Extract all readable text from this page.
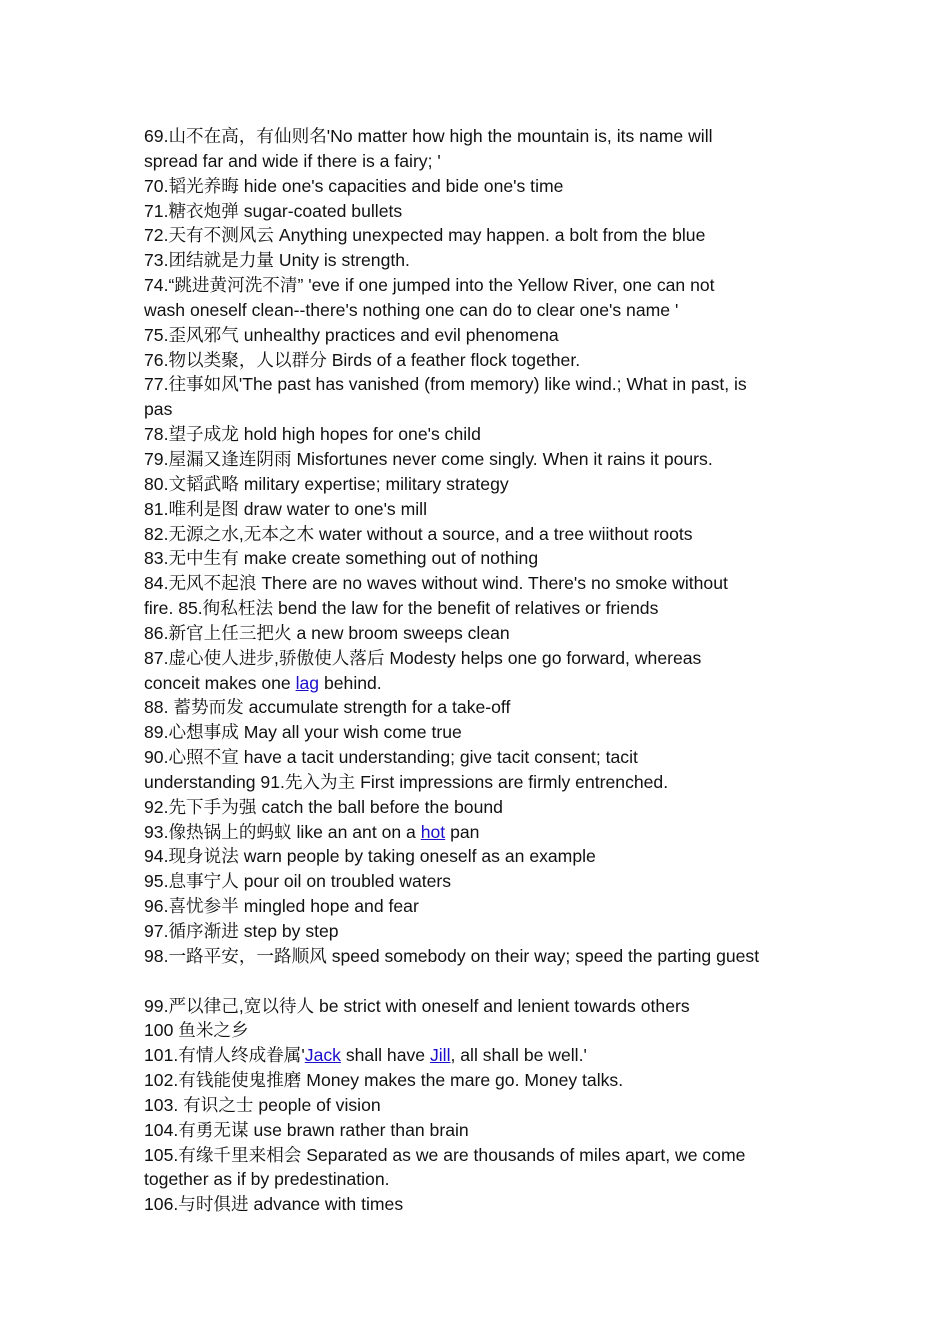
69.山不在高，有仙则名'No matter how high the mountain is, its name will
spread far and wide if there is a fairy; '
70.韬光养晦 hide one's capacities and bide one's time
71.糖衣炮弹 sugar-coated bullets
72.天有不测风云 Anything unexpected may happen. a bolt from the blue
73.团结就是力量 Unity is strength.
74.“跳进黄河洗不清” 'eve if one jumped into the Yellow River, one can not
wash oneself clean--there's nothing one can do to clear one's name '
75.歪风邪气 unhealthy practices and evil phenomena
76.物以类聚，人以群分 Birds of a feather flock together.
77.往事如风'The past has vanished (from memory) like wind.; What in past, is
pas
78.望子成龙 hold high hopes for one's child
79.屋漏又逢连阴雨 Misfortunes never come singly. When it rains it pours.
80.文韬武略 military expertise; military strategy
81.唯利是图 draw water to one's mill
82.无源之水,无本之木 water without a source, and a tree wiithout roots
83.无中生有 make create something out of nothing
84.无风不起浪 There are no waves without wind. There's no smoke without
fire. 85.徇私枉法 bend the law for the benefit of relatives or friends
86.新官上任三把火 a new broom sweeps clean
87.虚心使人进步,骄傲使人落后 Modesty helps one go forward, whereas
conceit makes one lag behind.
88. 蓄势而发 accumulate strength for a take-off
89.心想事成 May all your wish come true
90.心照不宣 have a tacit understanding; give tacit consent; tacit
understanding 91.先入为主 First impressions are firmly entrenched.
92.先下手为强 catch the ball before the bound
93.像热锅上的蚂蚁 like an ant on a hot pan
94.现身说法 warn people by taking oneself as an example
95.息事宁人 pour oil on troubled waters
96.喜忧参半 mingled hope and fear
97.循序渐进 step by step
98.一路平安，一路顺风 speed somebody on their way; speed the parting guest
99.严以律己,宽以待人 be strict with oneself and lenient towards others
100 鱼米之乡
101.有情人终成眷属'Jack shall have Jill, all shall be well.'
102.有钱能使鬼推磨 Money makes the mare go. Money talks.
103. 有识之士 people of vision
104.有勇无谋 use brawn rather than brain
105.有缘千里来相会 Separated as we are thousands of miles apart, we come
together as if by predestination.
106.与时俱进 advance with times
